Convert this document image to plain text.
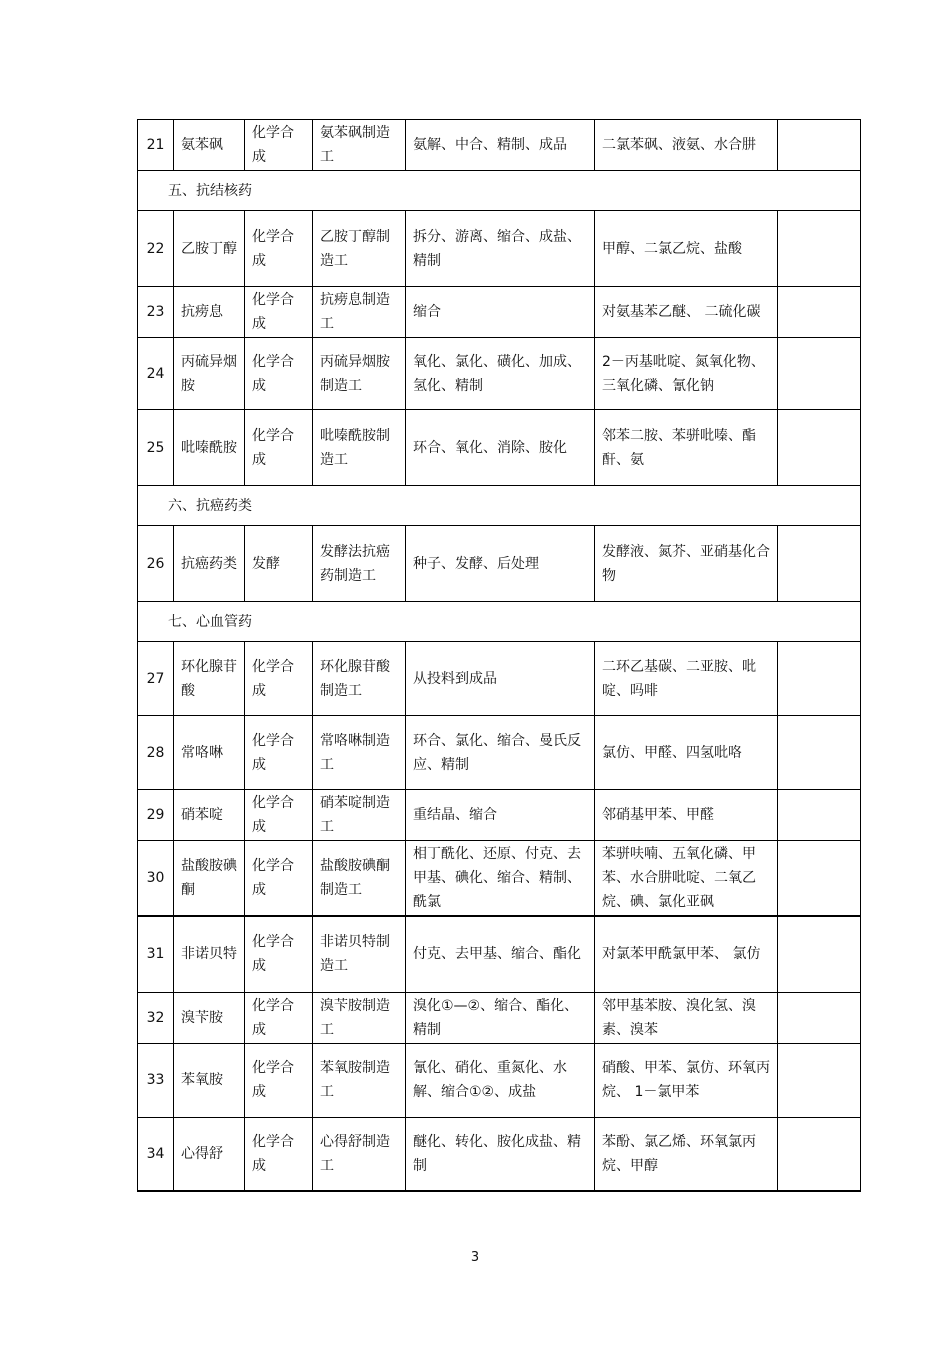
21	氨苯砜	化学合成	氨苯砜制造工	氨解、中合、精制、成品	二氯苯砜、液氨、水合肼	
五、抗结核药						
22	乙胺丁醇	化学合成	乙胺丁醇制造工	拆分、游离、缩合、成盐、精制	甲醇、二氯乙烷、盐酸	
23	抗痨息	化学合成	抗痨息制造工	缩合	对氨基苯乙醚、 二硫化碳	
24	丙硫异烟胺	化学合成	丙硫异烟胺制造工	氧化、氯化、磺化、加成、氢化、精制	2－丙基吡啶、氮氧化物、三氧化磷、氰化钠	
25	吡嗪酰胺	化学合成	吡嗪酰胺制造工	环合、氧化、消除、胺化	邻苯二胺、苯骈吡嗪、酯酐、氨	
六、抗癌药类						
26	抗癌药类	发酵	发酵法抗癌药制造工	种子、发酵、后处理	发酵液、氮芥、亚硝基化合物	
七、心血管药						
27	环化腺苷酸	化学合成	环化腺苷酸制造工	从投料到成品	二环乙基碳、二亚胺、吡啶、吗啡	
28	常咯啉	化学合成	常咯啉制造工	环合、氯化、缩合、曼氏反应、精制	氯仿、甲醛、四氢吡咯	
29	硝苯啶	化学合成	硝苯啶制造工	重结晶、缩合	邻硝基甲苯、甲醛	
30	盐酸胺碘酮	化学合成	盐酸胺碘酮制造工	相丁酰化、还原、付克、去甲基、碘化、缩合、精制、酰氯	苯骈呋喃、五氧化磷、甲苯、水合肼吡啶、二氧乙烷、碘、氯化亚砜	
31	非诺贝特	化学合成	非诺贝特制造工	付克、去甲基、缩合、酯化	对氯苯甲酰氯甲苯、 氯仿	
32	溴苄胺	化学合成	溴苄胺制造工	溴化①—②、缩合、酯化、精制	邻甲基苯胺、溴化氢、溴素、溴苯	
33	苯氧胺	化学合成	苯氧胺制造工	氰化、硝化、重氮化、水解、缩合①②、成盐	硝酸、甲苯、氯仿、环氧丙烷、 1－氯甲苯	
34	心得舒	化学合成	心得舒制造工	醚化、转化、胺化成盐、精制	苯酚、氯乙烯、环氧氯丙烷、甲醇	
3
